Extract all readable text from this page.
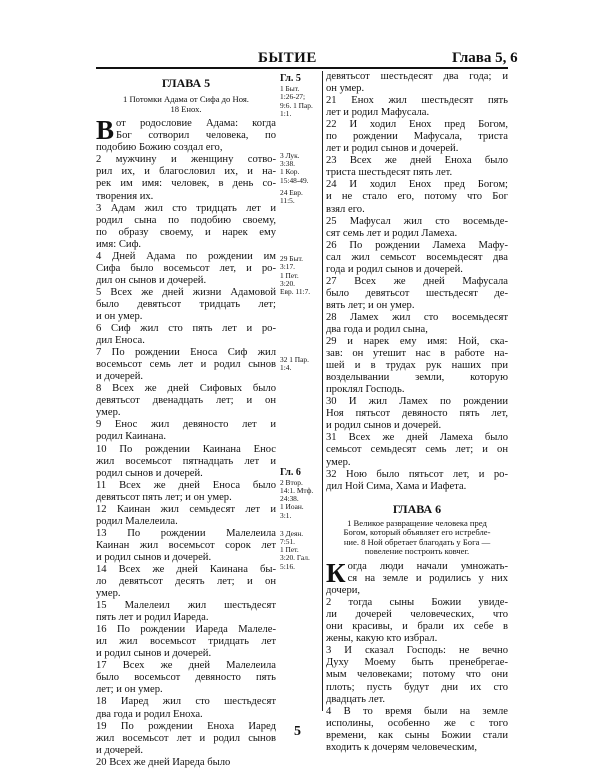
БЫТИЕ	Глава 5, 6
ГЛАВА 5
1 Потомки Адама от Сифа до Ноя.
18 Енох.
В от родословие Адама: когда
Бог сотворил человека, по
подобию Божию создал его,
2 мужчину и женщину сотво-
рил их, и благословил их, и на-
рек им имя: человек, в день со-
творения их.
3 Адам жил сто тридцать лет и
родил сына по подобию своему,
по образу своему, и нарек ему
имя: Сиф.
4 Дней Адама по рождении им
Сифа было восемьсот лет, и ро-
дил он сынов и дочерей.
5 Всех же дней жизни Адамовой
было девятьсот тридцать лет;
и он умер.
6 Сиф жил сто пять лет и ро-
дил Еноса.
7 По рождении Еноса Сиф жил
восемьсот семь лет и родил сынов
и дочерей.
8 Всех же дней Сифовых было
девятьсот двенадцать лет; и он
умер.
9 Енос жил девяносто лет и
родил Каинана.
10 По рождении Каинана Енос
жил восемьсот пятнадцать лет и
родил сынов и дочерей.
11 Всех же дней Еноса было
девятьсот пять лет; и он умер.
12 Каинан жил семьдесят лет и
родил Малелеила.
13 По рождении Малелеила
Каинан жил восемьсот сорок лет
и родил сынов и дочерей.
14 Всех же дней Каинана бы-
ло девятьсот десять лет; и он
умер.
15 Малелеил жил шестьдесят
пять лет и родил Иареда.
16 По рождении Иареда Малеле-
ил жил восемьсот тридцать лет
и родил сынов и дочерей.
17 Всех же дней Малелеила
было восемьсот девяносто пять
лет; и он умер.
18 Иаред жил сто шестьдесят
два года и родил Еноха.
19 По рождении Еноха Иаред
жил восемьсот лет и родил сынов
и дочерей.
20 Всех же дней Иареда было
Гл. 5
1 Быт.
1:26-27;
9:6. 1 Пар.
1:1.
3 Лук.
3:38.
1 Кор.
15:48-49.
24 Евр.
11:5.
29 Быт.
3:17.
1 Пет.
3:20.
Евр. 11:7.
32 1 Пар.
1:4.
Гл. 6
2 Втор.
14:1. Мтф.
24:38.
1 Иоан.
3:1.
3 Деян.
7:51.
1 Пет.
3:20. Гал.
5:16.
девятьсот шестьдесят два года; и
он умер.
21 Енох жил шестьдесят пять
лет и родил Мафусала.
22 И ходил Енох пред Богом,
по рождении Мафусала, триста
лет и родил сынов и дочерей.
23 Всех же дней Еноха было
триста шестьдесят пять лет.
24 И ходил Енох пред Богом;
и не стало его, потому что Бог
взял его.
25 Мафусал жил сто восемьде-
сят семь лет и родил Ламеха.
26 По рождении Ламеха Мафу-
сал жил семьсот восемьдесят два
года и родил сынов и дочерей.
27 Всех же дней Мафусала
было девятьсот шестьдесят де-
вять лет; и он умер.
28 Ламех жил сто восемьдесят
два года и родил сына,
29 и нарек ему имя: Ной, ска-
зав: он утешит нас в работе на-
шей и в трудах рук наших при
возделывании земли, которую
проклял Господь.
30 И жил Ламех по рождении
Ноя пятьсот девяносто пять лет,
и родил сынов и дочерей.
31 Всех же дней Ламеха было
семьсот семьдесят семь лет; и он
умер.
32 Ною было пятьсот лет, и ро-
дил Ной Сима, Хама и Иафета.
ГЛАВА 6
1 Великое развращение человека пред
Богом, который объявляет его истребле-
ние. 8 Ной обретает благодать у Бога —
повеление построить ковчег.
К огда люди начали умножать-
ся на земле и родились у них
дочери,
2 тогда сыны Божии увиде-
ли дочерей человеческих, что
они красивы, и брали их себе в
жены, какую кто избрал.
3 И сказал Господь: не вечно
Духу Моему быть пренебрегае-
мым человеками; потому что они
плоть; пусть будут дни их сто
двадцать лет.
4 В то время были на земле
исполины, особенно же с того
времени, как сыны Божии стали
входить к дочерям человеческим,
5
